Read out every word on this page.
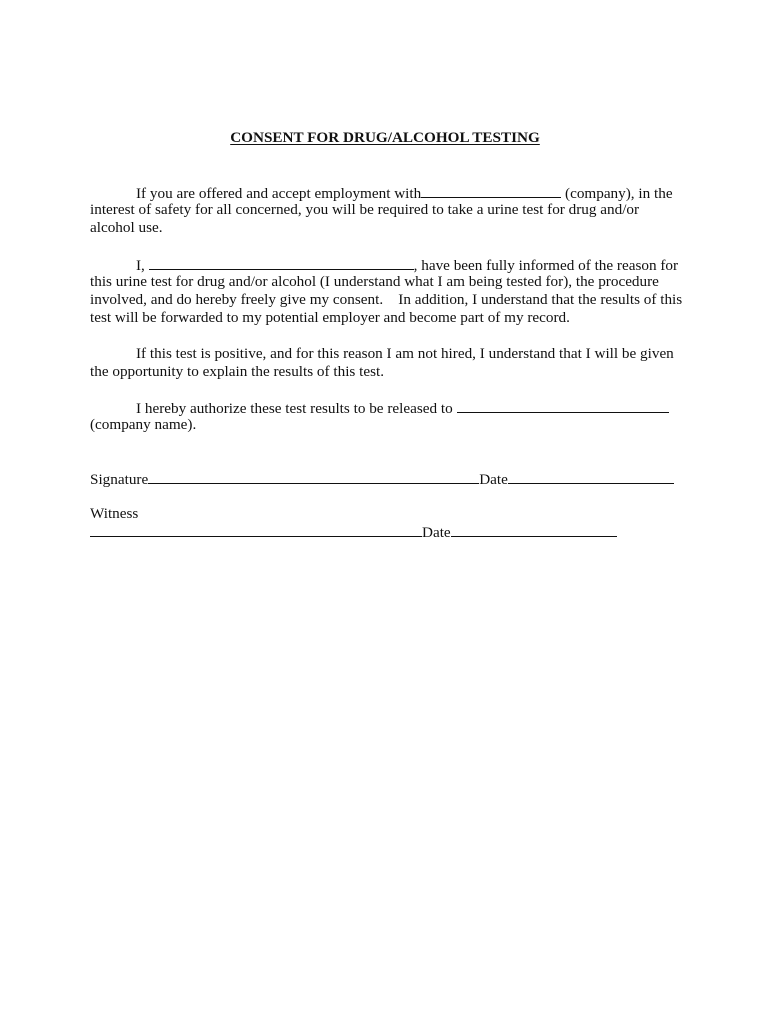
CONSENT FOR DRUG/ALCOHOL TESTING
If you are offered and accept employment with	(company), in the
interest of safety for all concerned, you will be required to take a urine test for drug and/or
alcohol use.
I,	, have been fully informed of the reason for
this urine test for drug and/or alcohol (I understand what I am being tested for), the procedure
involved, and do hereby freely give my consent.    In addition, I understand that the results of this
test will be forwarded to my potential employer and become part of my record.
If this test is positive, and for this reason I am not hired, I understand that I will be given
the opportunity to explain the results of this test.
I hereby authorize these test results to be released to
(company name).
Signature	Date
Witness
Date
